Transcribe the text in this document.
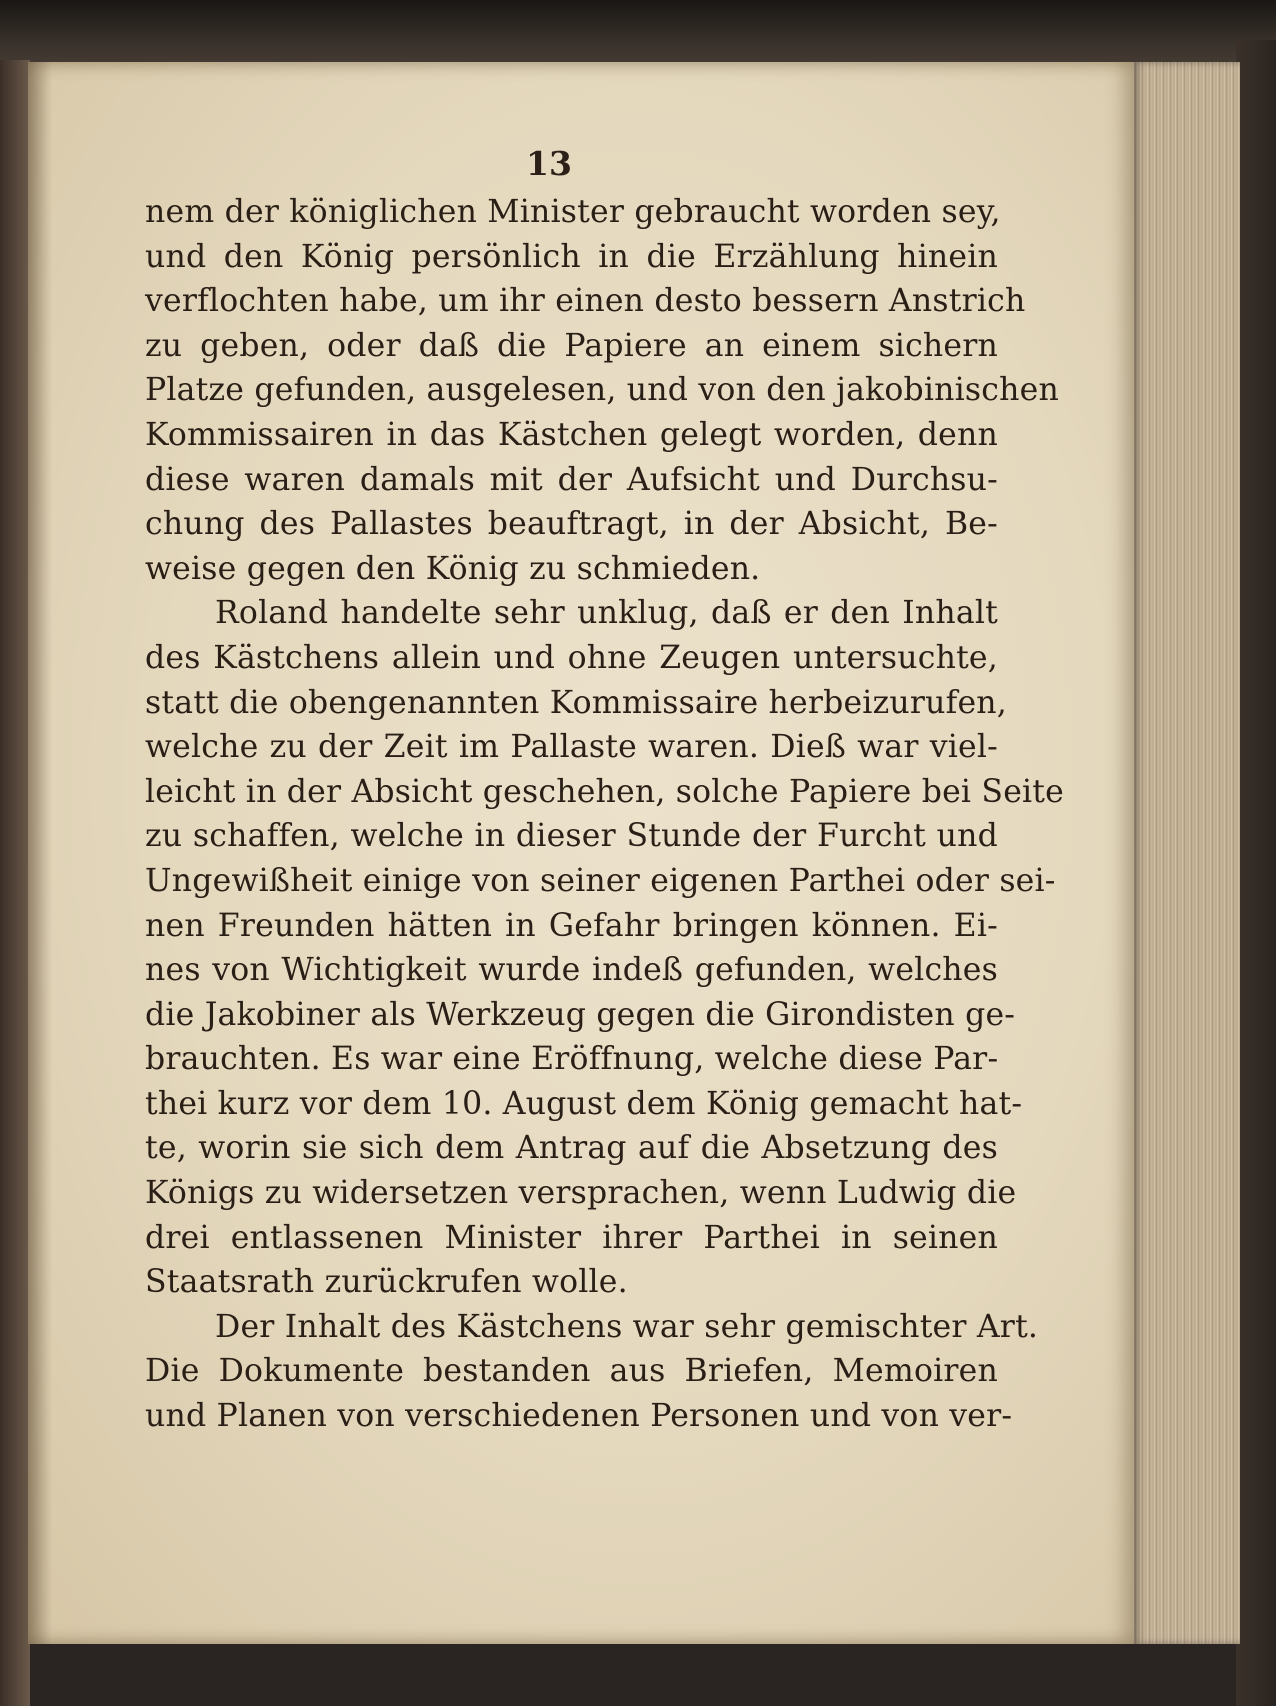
13
nem der königlichen Minister gebraucht worden sey,
und den König persönlich in die Erzählung hinein
verflochten habe, um ihr einen desto bessern Anstrich
zu geben, oder daß die Papiere an einem sichern
Platze gefunden, ausgelesen, und von den jakobinischen
Kommissairen in das Kästchen gelegt worden, denn
diese waren damals mit der Aufsicht und Durchsu-
chung des Pallastes beauftragt, in der Absicht, Be-
weise gegen den König zu schmieden.
Roland handelte sehr unklug, daß er den Inhalt
des Kästchens allein und ohne Zeugen untersuchte,
statt die obengenannten Kommissaire herbeizurufen,
welche zu der Zeit im Pallaste waren. Dieß war viel-
leicht in der Absicht geschehen, solche Papiere bei Seite
zu schaffen, welche in dieser Stunde der Furcht und
Ungewißheit einige von seiner eigenen Parthei oder sei-
nen Freunden hätten in Gefahr bringen können. Ei-
nes von Wichtigkeit wurde indeß gefunden, welches
die Jakobiner als Werkzeug gegen die Girondisten ge-
brauchten. Es war eine Eröffnung, welche diese Par-
thei kurz vor dem 10. August dem König gemacht hat-
te, worin sie sich dem Antrag auf die Absetzung des
Königs zu widersetzen versprachen, wenn Ludwig die
drei entlassenen Minister ihrer Parthei in seinen
Staatsrath zurückrufen wolle.
Der Inhalt des Kästchens war sehr gemischter Art.
Die Dokumente bestanden aus Briefen, Memoiren
und Planen von verschiedenen Personen und von ver-
